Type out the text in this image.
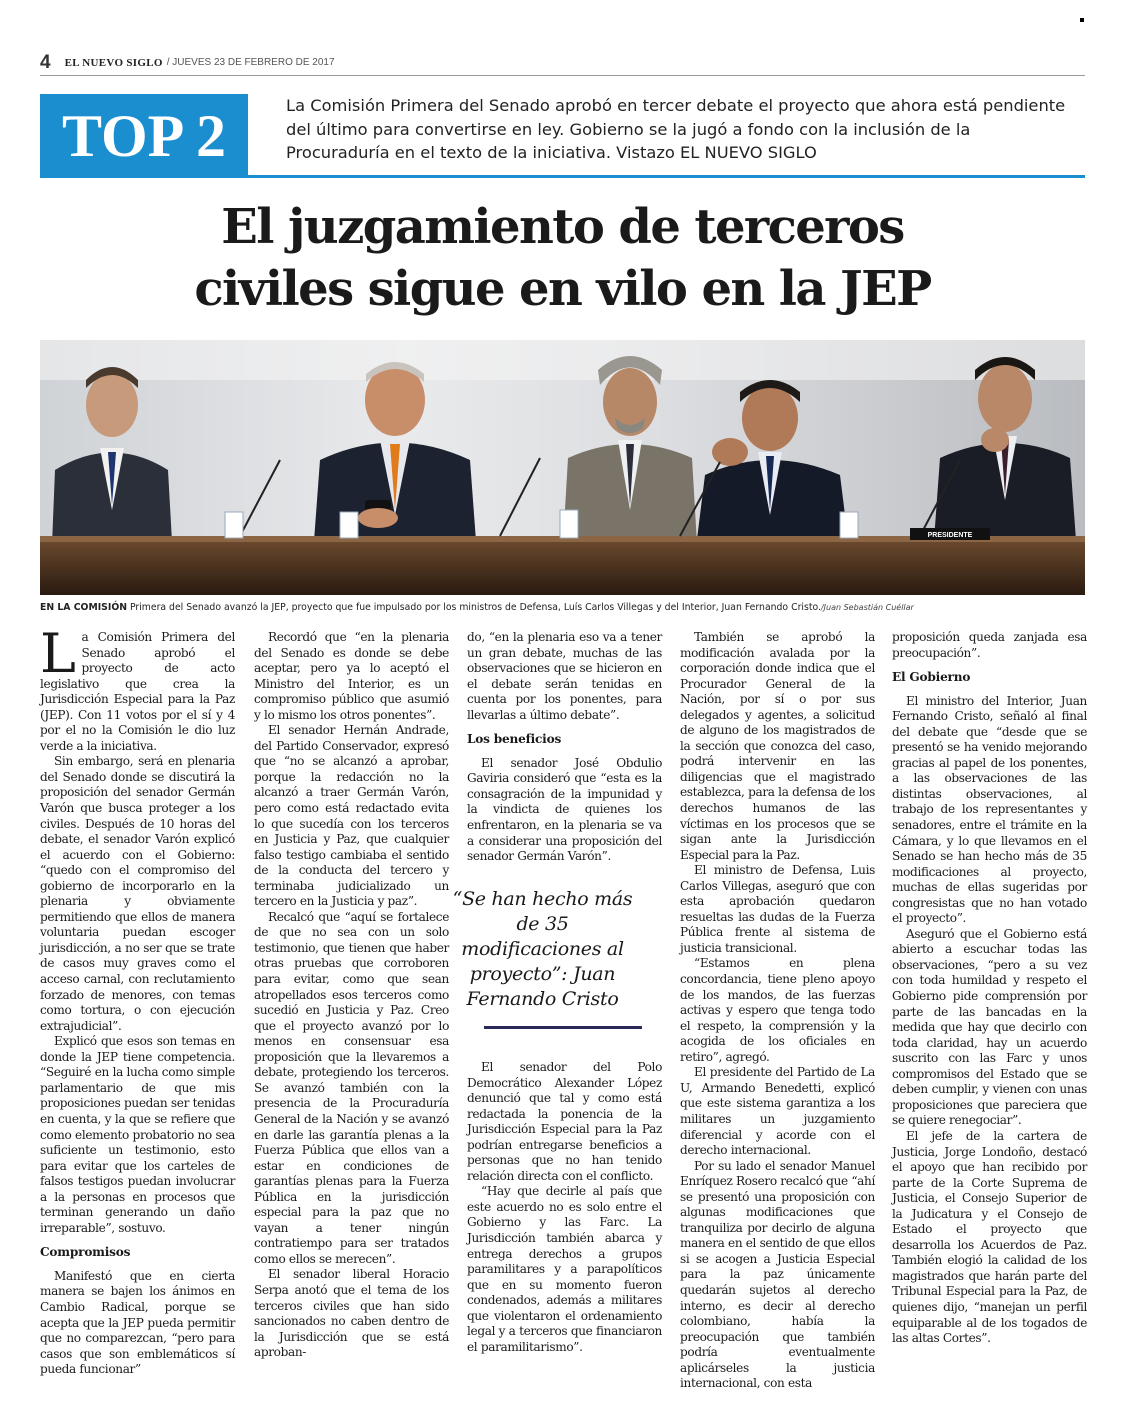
4 EL NUEVO SIGLO / JUEVES 23 DE FEBRERO DE 2017
TOP 2	La Comisión Primera del Senado aprobó en tercer debate el proyecto que ahora está pendiente del último para convertirse en ley. Gobierno se la jugó a fondo con la inclusión de la Procuraduría en el texto de la iniciativa. Vistazo EL NUEVO SIGLO
El juzgamiento de terceros
civiles sigue en vilo en la JEP
PRESIDENTE
EN LA COMISIÓN Primera del Senado avanzó la JEP, proyecto que fue impulsado por los ministros de Defensa, Luís Carlos Villegas y del Interior, Juan Fernando Cristo./Juan Sebastián Cuéllar

La Comisión Primera del Senado aprobó el proyecto de acto legislativo que crea la Jurisdicción Especial para la Paz (JEP). Con 11 votos por el sí y 4 por el no la Comisión le dio luz verde a la iniciativa.

Sin embargo, será en plenaria del Senado donde se discutirá la proposición del senador Germán Varón que busca proteger a los civiles. Después de 10 horas del debate, el senador Varón explicó el acuerdo con el Gobierno: “quedo con el compromiso del gobierno de incorporarlo en la plenaria y obviamente permitiendo que ellos de manera voluntaria puedan escoger jurisdicción, a no ser que se trate de casos muy graves como el acceso carnal, con reclutamiento forzado de menores, con temas como tortura, o con ejecución extrajudicial”.

Explicó que esos son temas en donde la JEP tiene competencia. “Seguiré en la lucha como simple parlamentario de que mis proposiciones puedan ser tenidas en cuenta, y la que se refiere que como elemento probatorio no sea suficiente un testimonio, esto para evitar que los carteles de falsos testigos puedan involucrar a la personas en procesos que terminan generando un daño irreparable”, sostuvo.

Compromisos

Manifestó que en cierta manera se bajen los ánimos en Cambio Radical, porque se acepta que la JEP pueda permitir que no comparezcan, “pero para casos que son emblemáticos sí pueda funcionar”

Recordó que “en la plenaria del Senado es donde se debe aceptar, pero ya lo aceptó el Ministro del Interior, es un compromiso público que asumió y lo mismo los otros ponentes”.

El senador Hernán Andrade, del Partido Conservador, expresó que “no se alcanzó a aprobar, porque la redacción no la alcanzó a traer Germán Varón, pero como está redactado evita lo que sucedía con los terceros en Justicia y Paz, que cualquier falso testigo cambiaba el sentido de la conducta del tercero y terminaba judicializado un tercero en la Justicia y paz”.

Recalcó que “aquí se fortalece de que no sea con un solo testimonio, que tienen que haber otras pruebas que corroboren para evitar, como que sean atropellados esos terceros como sucedió en Justicia y Paz. Creo que el proyecto avanzó por lo menos en consensuar esa proposición que la llevaremos a debate, protegiendo los terceros. Se avanzó también con la presencia de la Procuraduría General de la Nación y se avanzó en darle las garantía plenas a la Fuerza Pública que ellos van a estar en condiciones de garantías plenas para la Fuerza Pública en la jurisdicción especial para la paz que no vayan a tener ningún contratiempo para ser tratados como ellos se merecen”.

El senador liberal Horacio Serpa anotó que el tema de los terceros civiles que han sido sancionados no caben dentro de la Jurisdicción que se está aproban-

do, “en la plenaria eso va a tener un gran debate, muchas de las observaciones que se hicieron en el debate serán tenidas en cuenta por los ponentes, para llevarlas a último debate”.

Los beneficios

El senador José Obdulio Gaviria consideró que “esta es la consagración de la impunidad y la vindicta de quienes los enfrentaron, en la plenaria se va a considerar una proposición del senador Germán Varón”.

El senador del Polo Democrático Alexander López denunció que tal y como está redactada la ponencia de la Jurisdicción Especial para la Paz podrían entregarse beneficios a personas que no han tenido relación directa con el conflicto.

“Hay que decirle al país que este acuerdo no es solo entre el Gobierno y las Farc. La Jurisdicción también abarca y entrega derechos a grupos paramilitares y a parapolíticos que en su momento fueron condenados, además a militares que violentaron el ordenamiento legal y a terceros que financiaron el paramilitarismo”.

También se aprobó la modificación avalada por la corporación donde indica que el Procurador General de la Nación, por sí o por sus delegados y agentes, a solicitud de alguno de los magistrados de la sección que conozca del caso, podrá intervenir en las diligencias que el magistrado establezca, para la defensa de los derechos humanos de las víctimas en los procesos que se sigan ante la Jurisdicción Especial para la Paz.

El ministro de Defensa, Luis Carlos Villegas, aseguró que con esta aprobación quedaron resueltas las dudas de la Fuerza Pública frente al sistema de justicia transicional.

“Estamos en plena concordancia, tiene pleno apoyo de los mandos, de las fuerzas activas y espero que tenga todo el respeto, la comprensión y la acogida de los oficiales en retiro”, agregó.

El presidente del Partido de La U, Armando Benedetti, explicó que este sistema garantiza a los militares un juzgamiento diferencial y acorde con el derecho internacional.

Por su lado el senador Manuel Enríquez Rosero recalcó que “ahí se presentó una proposición con algunas modificaciones que tranquiliza por decirlo de alguna manera en el sentido de que ellos si se acogen a Justicia Especial para la paz únicamente quedarán sujetos al derecho interno, es decir al derecho colombiano, había la preocupación que también podría eventualmente aplicárseles la justicia internacional, con esta

proposición queda zanjada esa preocupación”.

El Gobierno

El ministro del Interior, Juan Fernando Cristo, señaló al final del debate que “desde que se presentó se ha venido mejorando gracias al papel de los ponentes, a las observaciones de las distintas observaciones, al trabajo de los representantes y senadores, entre el trámite en la Cámara, y lo que llevamos en el Senado se han hecho más de 35 modificaciones al proyecto, muchas de ellas sugeridas por congresistas que no han votado el proyecto”.

Aseguró que el Gobierno está abierto a escuchar todas las observaciones, “pero a su vez con toda humildad y respeto el Gobierno pide comprensión por parte de las bancadas en la medida que hay que decirlo con toda claridad, hay un acuerdo suscrito con las Farc y unos compromisos del Estado que se deben cumplir, y vienen con unas proposiciones que pareciera que se quiere renegociar”.

El jefe de la cartera de Justicia, Jorge Londoño, destacó el apoyo que han recibido por parte de la Corte Suprema de Justicia, el Consejo Superior de la Judicatura y el Consejo de Estado el proyecto que desarrolla los Acuerdos de Paz. También elogió la calidad de los magistrados que harán parte del Tribunal Especial para la Paz, de quienes dijo, “manejan un perfil equiparable al de los togados de las altas Cortes”.

“Se han hecho más de 35 modificaciones al proyecto”: Juan Fernando Cristo
